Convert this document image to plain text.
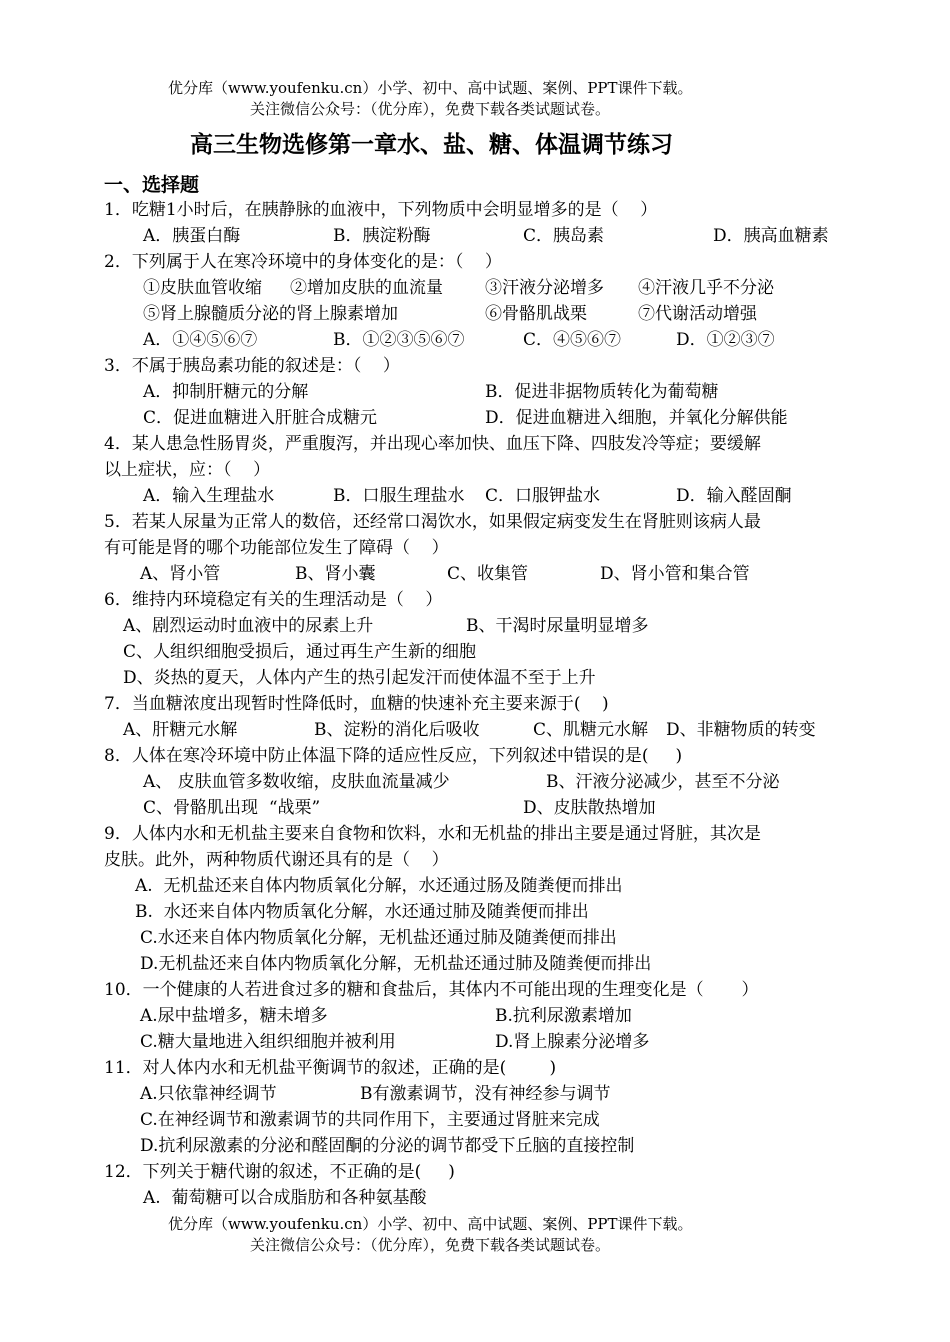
优分库（www.youfenku.cn）小学、初中、高中试题、案例、PPT课件下载。
关注微信公众号：（优分库），免费下载各类试题试卷。
高三生物选修第一章水、盐、糖、体温调节练习
一、选择题
1．吃糖1小时后，在胰静脉的血液中，下列物质中会明显增多的是（    ）
A．胰蛋白酶	B．胰淀粉酶	C．胰岛素	D．胰高血糖素
2．下列属于人在寒冷环境中的身体变化的是：（    ）
①皮肤血管收缩 ②增加皮肤的血流量 ③汗液分泌增多 ④汗液几乎不分泌
⑤肾上腺髓质分泌的肾上腺素增加	⑥骨骼肌战栗	⑦代谢活动增强
A．①④⑤⑥⑦	B．①②③⑤⑥⑦	C．④⑤⑥⑦	D．①②③⑦
3．不属于胰岛素功能的叙述是：（    ）
A．抑制肝糖元的分解	B．促进非据物质转化为葡萄糖
C．促进血糖进入肝脏合成糖元	D．促进血糖进入细胞，并氧化分解供能
4．某人患急性肠胃炎，严重腹泻，并出现心率加快、血压下降、四肢发冷等症；要缓解
以上症状，应：（    ）
A．输入生理盐水	B．口服生理盐水 C．口服钾盐水	D．输入醛固酮
5．若某人尿量为正常人的数倍，还经常口渴饮水，如果假定病变发生在肾脏则该病人最
有可能是肾的哪个功能部位发生了障碍（    ）
A、肾小管	B、肾小囊	C、收集管	D、肾小管和集合管
6．维持内环境稳定有关的生理活动是（    ）
A、剧烈运动时血液中的尿素上升	B、干渴时尿量明显增多
C、人组织细胞受损后，通过再生产生新的细胞
D、炎热的夏天，人体内产生的热引起发汗而使体温不至于上升
7．当血糖浓度出现暂时性降低时，血糖的快速补充主要来源于(    )
A、肝糖元水解	B、淀粉的消化后吸收	C、肌糖元水解 D、非糖物质的转变
8．人体在寒冷环境中防止体温下降的适应性反应，下列叙述中错误的是(     )
A、 皮肤血管多数收缩，皮肤血流量减少	B、汗液分泌减少，甚至不分泌
C、骨骼肌出现  “战栗”	D、皮肤散热增加
9．人体内水和无机盐主要来自食物和饮料，水和无机盐的排出主要是通过肾脏，其次是
皮肤。此外，两种物质代谢还具有的是（    ）
A.  无机盐还来自体内物质氧化分解，水还通过肠及随粪便而排出
B.  水还来自体内物质氧化分解，水还通过肺及随粪便而排出
C.水还来自体内物质氧化分解，无机盐还通过肺及随粪便而排出
D.无机盐还来自体内物质氧化分解，无机盐还通过肺及随粪便而排出
10．一个健康的人若进食过多的糖和食盐后，其体内不可能出现的生理变化是（       ）
A.尿中盐增多，糖未增多	B.抗利尿激素增加
C.糖大量地进入组织细胞并被利用	D.肾上腺素分泌增多
11．对人体内水和无机盐平衡调节的叙述，正确的是(        )
A.只依靠神经调节	B有激素调节，没有神经参与调节
C.在神经调节和激素调节的共同作用下，主要通过肾脏来完成
D.抗利尿激素的分泌和醛固酮的分泌的调节都受下丘脑的直接控制
12．下列关于糖代谢的叙述，不正确的是(     )
A.  葡萄糖可以合成脂肪和各种氨基酸
优分库（www.youfenku.cn）小学、初中、高中试题、案例、PPT课件下载。
关注微信公众号：（优分库），免费下载各类试题试卷。
